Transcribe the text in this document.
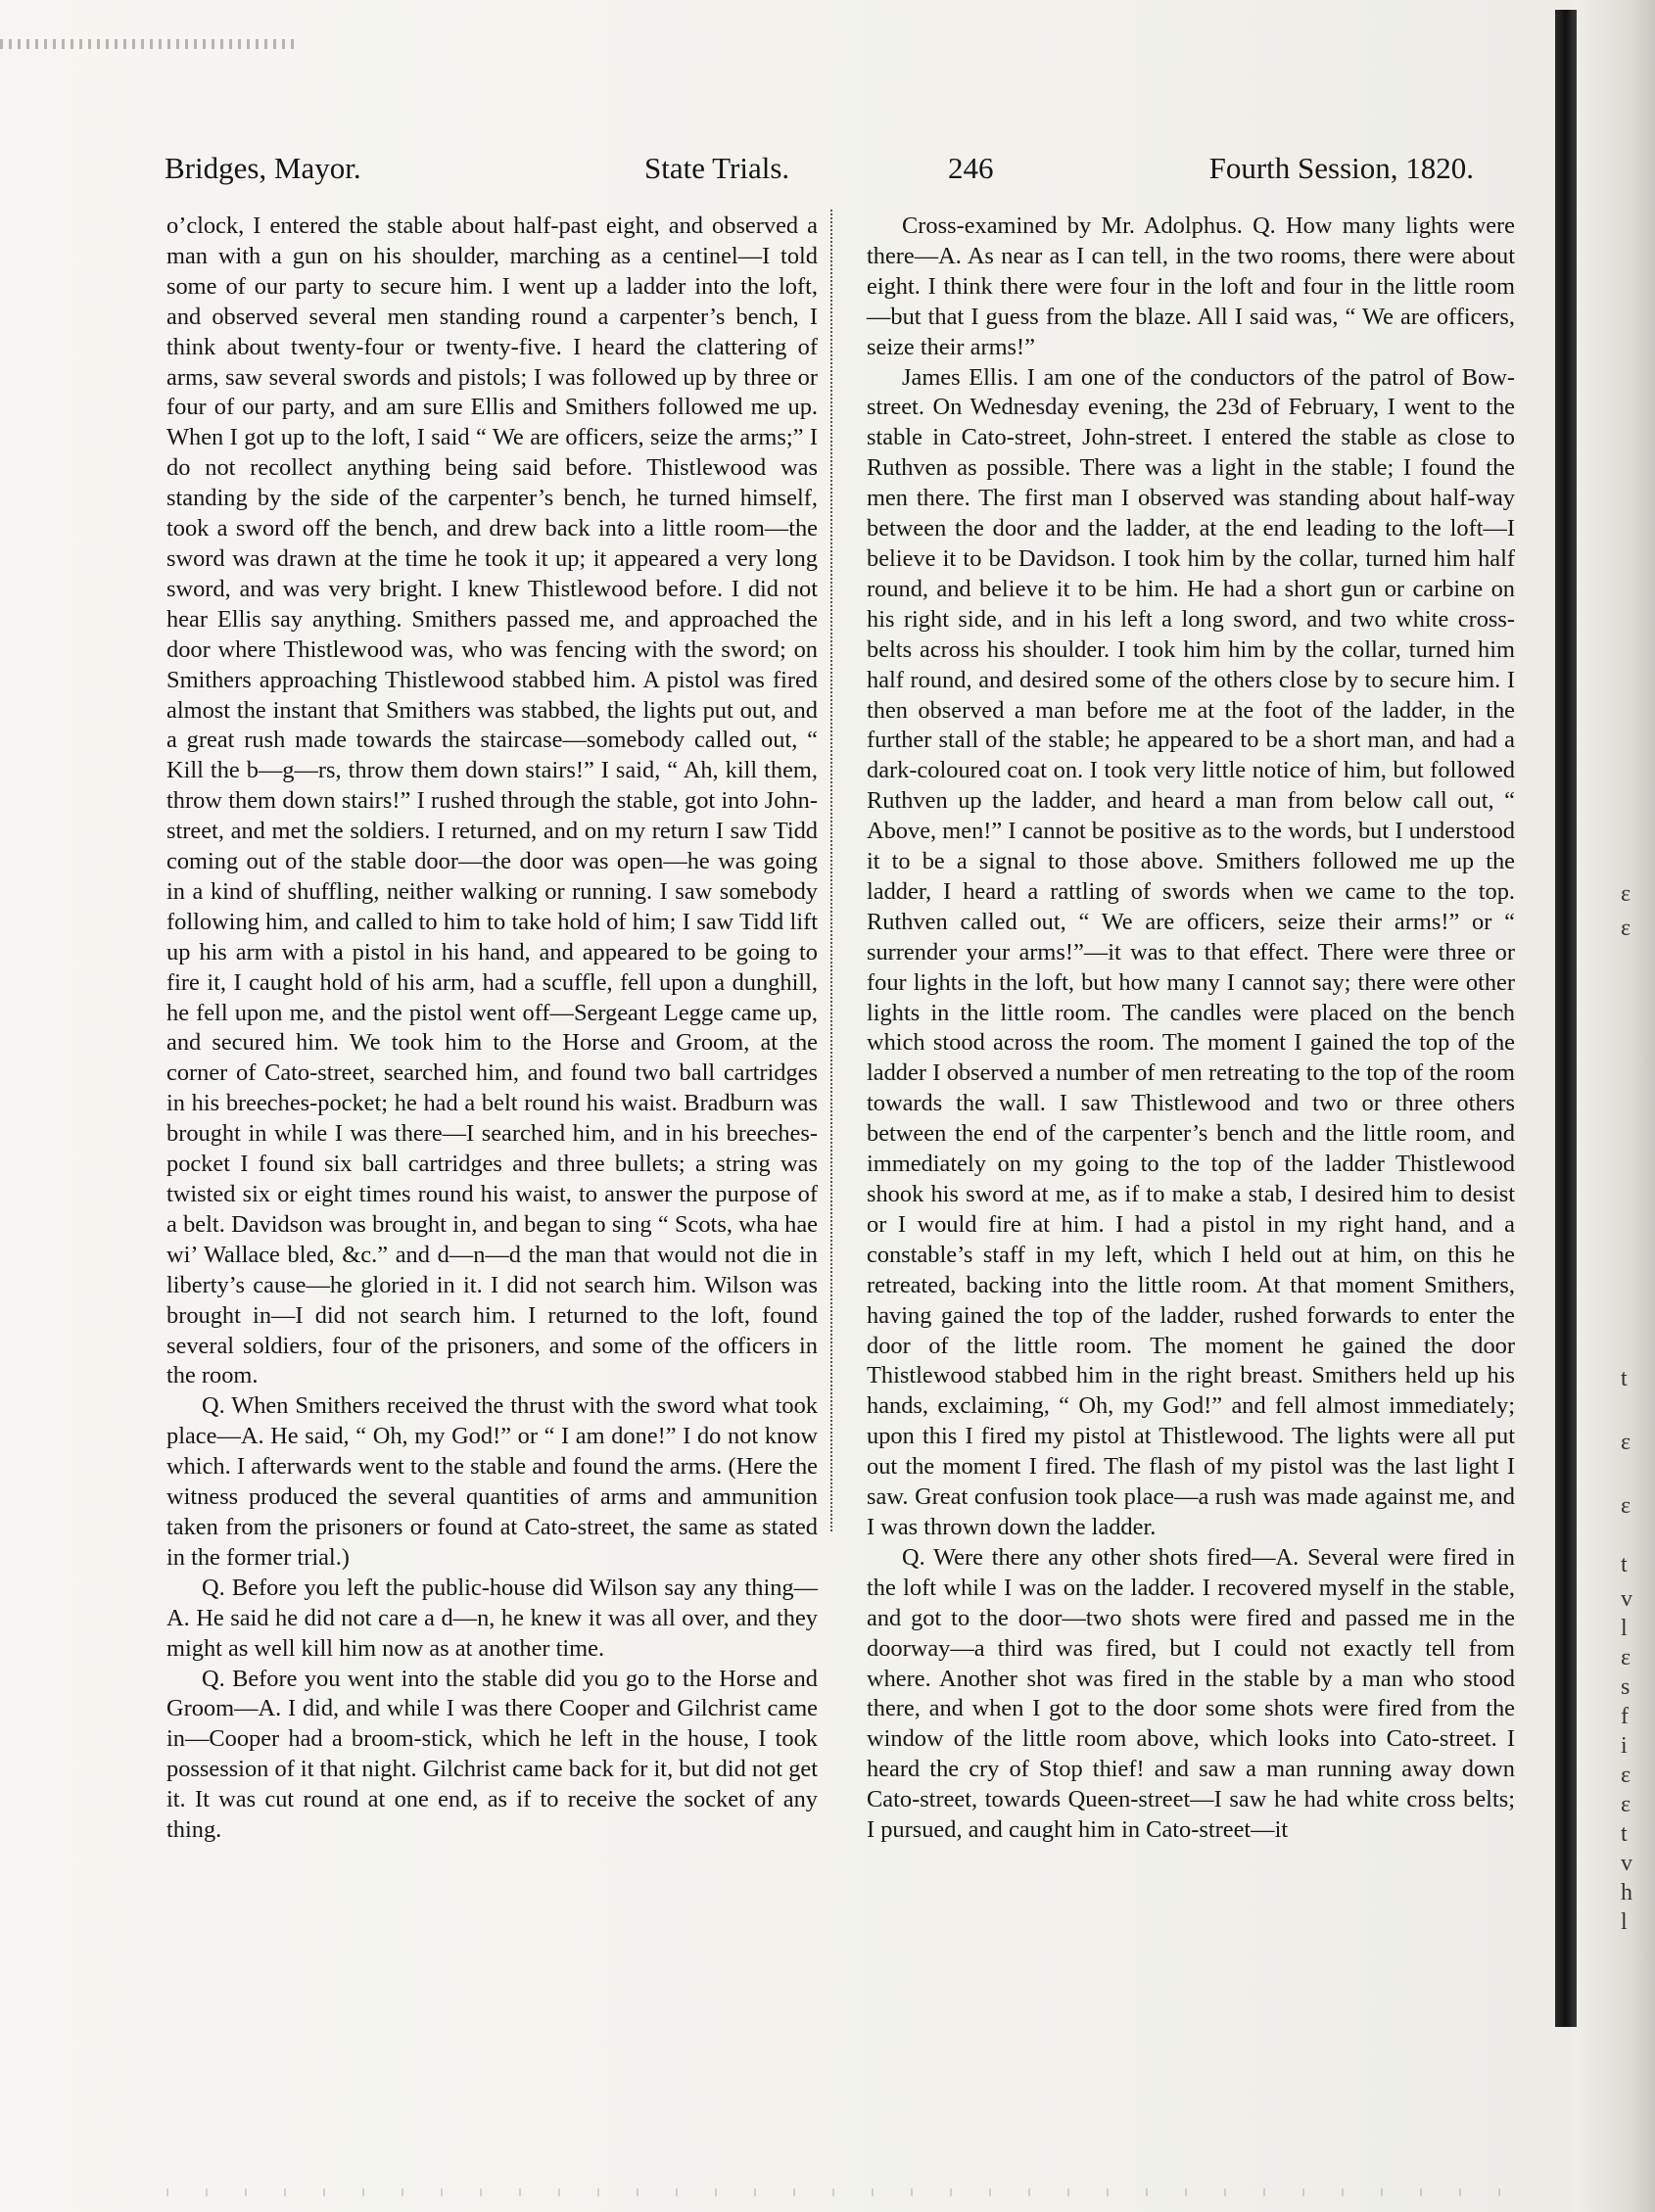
Bridges, Mayor.	State Trials.	246	Fourth Session, 1820.

o’clock, I entered the stable about half-past eight, and observed a man with a gun on his shoulder, marching as a centinel—I told some of our party to secure him. I went up a ladder into the loft, and observed several men standing round a carpenter’s bench, I think about twenty-four or twenty-five. I heard the clattering of arms, saw several swords and pistols; I was followed up by three or four of our party, and am sure Ellis and Smithers followed me up. When I got up to the loft, I said “ We are officers, seize the arms;” I do not recollect anything being said before. Thistlewood was standing by the side of the carpenter’s bench, he turned himself, took a sword off the bench, and drew back into a little room—the sword was drawn at the time he took it up; it appeared a very long sword, and was very bright. I knew Thistlewood before. I did not hear Ellis say anything. Smithers passed me, and approached the door where Thistlewood was, who was fencing with the sword; on Smithers approaching Thistlewood stabbed him. A pistol was fired almost the instant that Smithers was stabbed, the lights put out, and a great rush made towards the staircase—somebody called out, “ Kill the b—g—rs, throw them down stairs!” I said, “ Ah, kill them, throw them down stairs!” I rushed through the stable, got into John-street, and met the soldiers. I returned, and on my return I saw Tidd coming out of the stable door—the door was open—he was going in a kind of shuffling, neither walking or running. I saw somebody following him, and called to him to take hold of him; I saw Tidd lift up his arm with a pistol in his hand, and appeared to be going to fire it, I caught hold of his arm, had a scuffle, fell upon a dunghill, he fell upon me, and the pistol went off—Sergeant Legge came up, and secured him. We took him to the Horse and Groom, at the corner of Cato-street, searched him, and found two ball cartridges in his breeches-pocket; he had a belt round his waist. Bradburn was brought in while I was there—I searched him, and in his breeches-pocket I found six ball cartridges and three bullets; a string was twisted six or eight times round his waist, to answer the purpose of a belt. Davidson was brought in, and began to sing “ Scots, wha hae wi’ Wallace bled, &c.” and d—n—d the man that would not die in liberty’s cause—he gloried in it. I did not search him. Wilson was brought in—I did not search him. I returned to the loft, found several soldiers, four of the prisoners, and some of the officers in the room.

Q. When Smithers received the thrust with the sword what took place—A. He said, “ Oh, my God!” or “ I am done!” I do not know which. I afterwards went to the stable and found the arms. (Here the witness produced the several quantities of arms and ammunition taken from the prisoners or found at Cato-street, the same as stated in the former trial.)

Q. Before you left the public-house did Wilson say any thing—A. He said he did not care a d—n, he knew it was all over, and they might as well kill him now as at another time.

Q. Before you went into the stable did you go to the Horse and Groom—A. I did, and while I was there Cooper and Gilchrist came in—Cooper had a broom-stick, which he left in the house, I took possession of it that night. Gilchrist came back for it, but did not get it. It was cut round at one end, as if to receive the socket of any thing.

Cross-examined by Mr. Adolphus. Q. How many lights were there—A. As near as I can tell, in the two rooms, there were about eight. I think there were four in the loft and four in the little room—but that I guess from the blaze. All I said was, “ We are officers, seize their arms!”

James Ellis. I am one of the conductors of the patrol of Bow-street. On Wednesday evening, the 23d of February, I went to the stable in Cato-street, John-street. I entered the stable as close to Ruthven as possible. There was a light in the stable; I found the men there. The first man I observed was standing about half-way between the door and the ladder, at the end leading to the loft—I believe it to be Davidson. I took him by the collar, turned him half round, and believe it to be him. He had a short gun or carbine on his right side, and in his left a long sword, and two white cross-belts across his shoulder. I took him him by the collar, turned him half round, and desired some of the others close by to secure him. I then observed a man before me at the foot of the ladder, in the further stall of the stable; he appeared to be a short man, and had a dark-coloured coat on. I took very little notice of him, but followed Ruthven up the ladder, and heard a man from below call out, “ Above, men!” I cannot be positive as to the words, but I understood it to be a signal to those above. Smithers followed me up the ladder, I heard a rattling of swords when we came to the top. Ruthven called out, “ We are officers, seize their arms!” or “ surrender your arms!”—it was to that effect. There were three or four lights in the loft, but how many I cannot say; there were other lights in the little room. The candles were placed on the bench which stood across the room. The moment I gained the top of the ladder I observed a number of men retreating to the top of the room towards the wall. I saw Thistlewood and two or three others between the end of the carpenter’s bench and the little room, and immediately on my going to the top of the ladder Thistlewood shook his sword at me, as if to make a stab, I desired him to desist or I would fire at him. I had a pistol in my right hand, and a constable’s staff in my left, which I held out at him, on this he retreated, backing into the little room. At that moment Smithers, having gained the top of the ladder, rushed forwards to enter the door of the little room. The moment he gained the door Thistlewood stabbed him in the right breast. Smithers held up his hands, exclaiming, “ Oh, my God!” and fell almost immediately; upon this I fired my pistol at Thistlewood. The lights were all put out the moment I fired. The flash of my pistol was the last light I saw. Great confusion took place—a rush was made against me, and I was thrown down the ladder.

Q. Were there any other shots fired—A. Several were fired in the loft while I was on the ladder. I recovered myself in the stable, and got to the door—two shots were fired and passed me in the doorway—a third was fired, but I could not exactly tell from where. Another shot was fired in the stable by a man who stood there, and when I got to the door some shots were fired from the window of the little room above, which looks into Cato-street. I heard the cry of Stop thief! and saw a man running away down Cato-street, towards Queen-street—I saw he had white cross belts; I pursued, and caught him in Cato-street—it

ε
ε
t
ε
ε
t
v
l
ε
s
f
i
ε
ε
t
v
h
l
